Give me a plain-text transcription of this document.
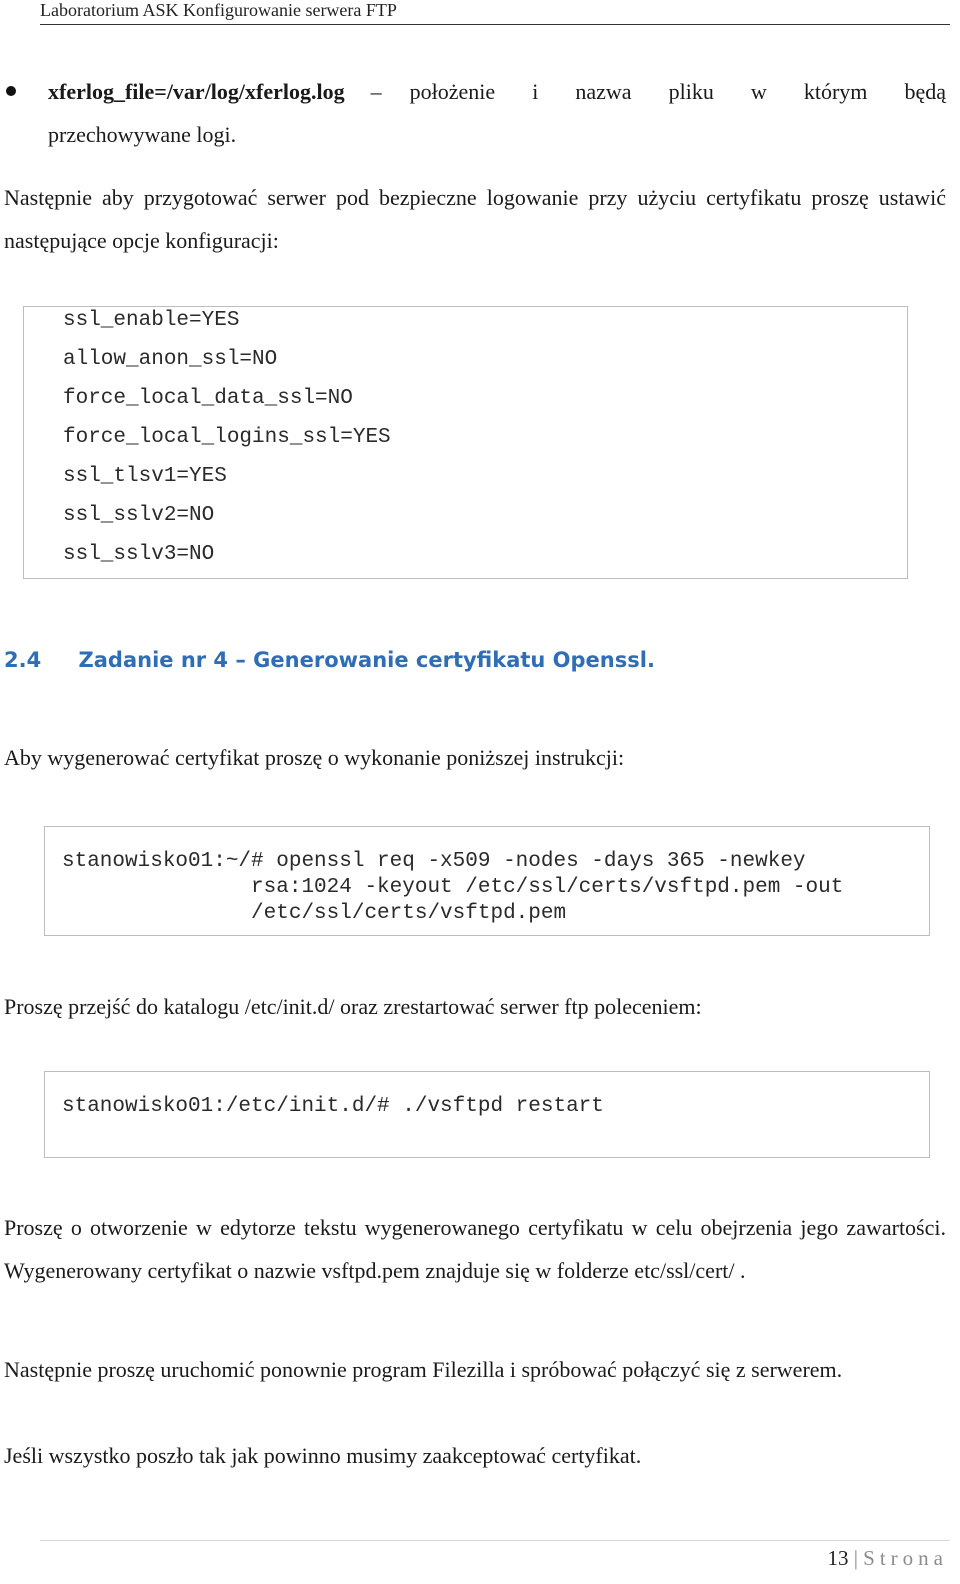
Laboratorium ASK Konfigurowanie serwera FTP
xferlog_file=/var/log/xferlog.log – położenie i nazwa pliku w którym będą
przechowywane logi.
Następnie aby przygotować serwer pod bezpieczne logowanie przy użyciu certyfikatu proszę ustawić następujące opcje konfiguracji:
ssl_enable=YES
allow_anon_ssl=NO
force_local_data_ssl=NO
force_local_logins_ssl=YES
ssl_tlsv1=YES
ssl_sslv2=NO
ssl_sslv3=NO
2.4 Zadanie nr 4 – Generowanie certyfikatu Openssl.
Aby wygenerować certyfikat proszę o wykonanie poniższej instrukcji:
stanowisko01:~/# openssl req -x509 -nodes -days 365 -newkey
rsa:1024 -keyout /etc/ssl/certs/vsftpd.pem -out
/etc/ssl/certs/vsftpd.pem
Proszę przejść do katalogu /etc/init.d/ oraz zrestartować serwer ftp poleceniem:
stanowisko01:/etc/init.d/# ./vsftpd restart
Proszę o otworzenie w edytorze tekstu wygenerowanego certyfikatu w celu obejrzenia jego zawartości. Wygenerowany certyfikat o nazwie vsftpd.pem znajduje się w folderze etc/ssl/cert/ .
Następnie proszę uruchomić ponownie program Filezilla i spróbować połączyć się z serwerem.
Jeśli wszystko poszło tak jak powinno musimy zaakceptować certyfikat.
13 | Strona
